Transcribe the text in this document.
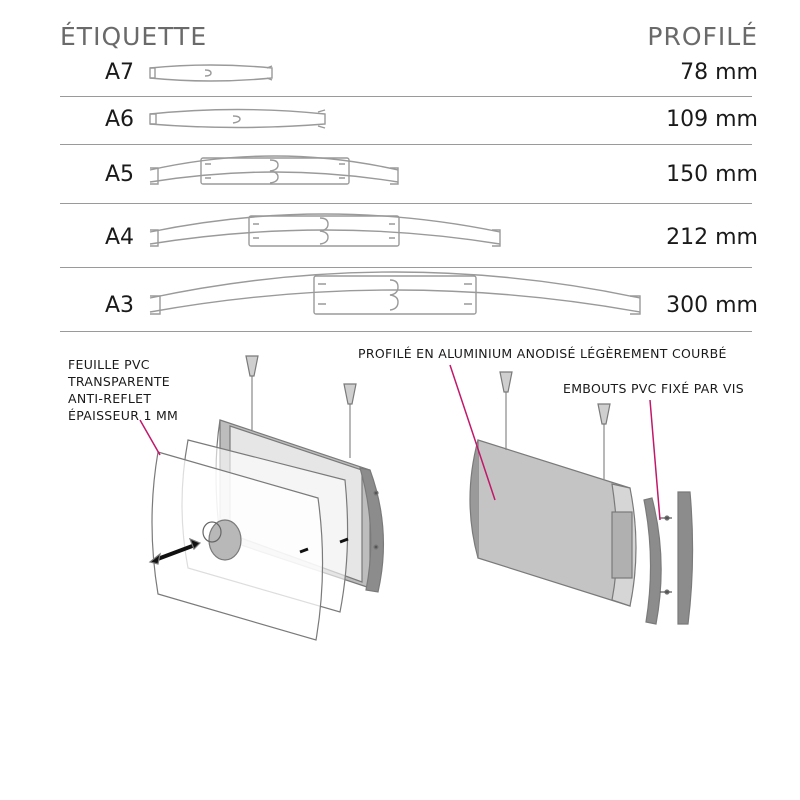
ÉTIQUETTE	PROFILÉ
A7	78 mm
A6	109 mm
A5	150 mm
A4	212 mm
A3	300 mm
FEUILLE PVC
TRANSPARENTE
ANTI-REFLET
ÉPAISSEUR 1 MM
PROFILÉ EN ALUMINIUM ANODISÉ LÉGÈREMENT COURBÉ
EMBOUTS PVC FIXÉ PAR VIS
